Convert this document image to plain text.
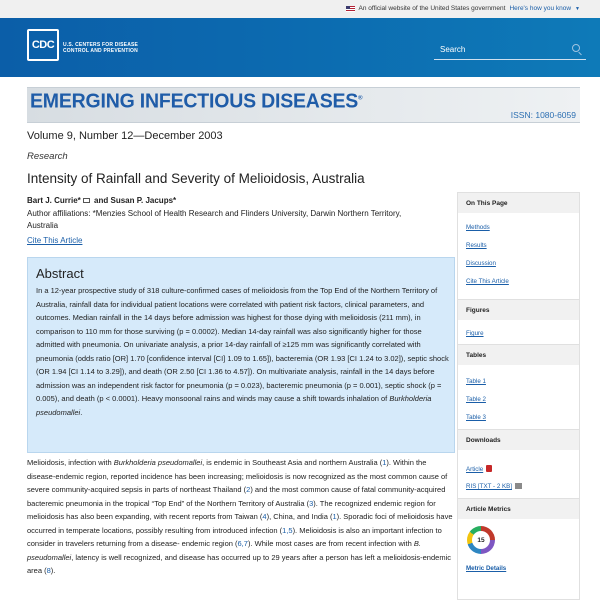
An official website of the United States government Here's how you know ▼
CDC	U.S. CENTERS FOR DISEASE
CONTROL AND PREVENTION
Search
EMERGING INFECTIOUS DISEASES®
ISSN: 1080-6059
Volume 9, Number 12—December 2003
Research
Intensity of Rainfall and Severity of Melioidosis, Australia
Bart J. Currie* and Susan P. Jacups*
Author affiliations: *Menzies School of Health Research and Flinders University, Darwin Northern Territory, Australia
Cite This Article
Abstract
In a 12-year prospective study of 318 culture-confirmed cases of melioidosis from the Top End of the Northern Territory of Australia, rainfall data for individual patient locations were correlated with patient risk factors, clinical parameters, and outcomes. Median rainfall in the 14 days before admission was highest for those dying with melioidosis (211 mm), in comparison to 110 mm for those surviving (p = 0.0002). Median 14-day rainfall was also significantly higher for those admitted with pneumonia. On univariate analysis, a prior 14-day rainfall of ≥125 mm was significantly correlated with pneumonia (odds ratio [OR] 1.70 [confidence interval [CI] 1.09 to 1.65]), bacteremia (OR 1.93 [CI 1.24 to 3.02]), septic shock (OR 1.94 [CI 1.14 to 3.29]), and death (OR 2.50 [CI 1.36 to 4.57]). On multivariate analysis, rainfall in the 14 days before admission was an independent risk factor for pneumonia (p = 0.023), bacteremic pneumonia (p = 0.001), septic shock (p = 0.005), and death (p < 0.0001). Heavy monsoonal rains and winds may cause a shift towards inhalation of Burkholderia pseudomallei.
Melioidosis, infection with Burkholderia pseudomallei, is endemic in Southeast Asia and northern Australia (1). Within the disease-endemic region, reported incidence has been increasing; melioidosis is now recognized as the most common cause of severe community-acquired sepsis in parts of northeast Thailand (2) and the most common cause of fatal community-acquired bacteremic pneumonia in the tropical “Top End” of the Northern Territory of Australia (3). The recognized endemic region for melioidosis has also been expanding, with recent reports from Taiwan (4), China, and India (1). Sporadic foci of melioidosis have occurred in temperate locations, possibly resulting from introduced infection (1,5). Melioidosis is also an important infection to consider in travelers returning from a disease- endemic region (6,7). While most cases are from recent infection with B. pseudomallei, latency is well recognized, and disease has occurred up to 29 years after a person has left a melioidosis-endemic area (8).
On This Page
Methods
Results
Discussion
Cite This Article
Figures
Figure
Tables
Table 1
Table 2
Table 3
Downloads
Article
RIS [TXT - 2 KB]
Article Metrics
15
Metric Details
